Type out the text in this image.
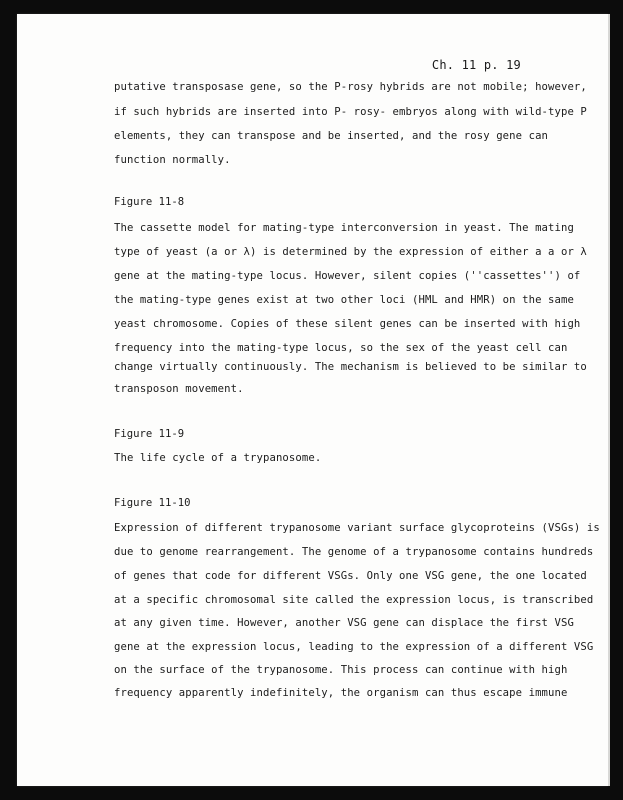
Ch. 11 p. 19
putative transposase gene, so the P-rosy hybrids are not mobile; however,
if such hybrids are inserted into P- rosy- embryos along with wild-type P
elements, they can transpose and be inserted, and the rosy gene can
function normally.
Figure 11-8
The cassette model for mating-type interconversion in yeast. The mating
type of yeast (a or λ) is determined by the expression of either a a or λ
gene at the mating-type locus. However, silent copies (''cassettes'') of
the mating-type genes exist at two other loci (HML and HMR) on the same
yeast chromosome. Copies of these silent genes can be inserted with high
frequency into the mating-type locus, so the sex of the yeast cell can
change virtually continuously. The mechanism is believed to be similar to
transposon movement.
Figure 11-9
The life cycle of a trypanosome.
Figure 11-10
Expression of different trypanosome variant surface glycoproteins (VSGs) is
due to genome rearrangement. The genome of a trypanosome contains hundreds
of genes that code for different VSGs. Only one VSG gene, the one located
at a specific chromosomal site called the expression locus, is transcribed
at any given time. However, another VSG gene can displace the first VSG
gene at the expression locus, leading to the expression of a different VSG
on the surface of the trypanosome. This process can continue with high
frequency apparently indefinitely, the organism can thus escape immune
